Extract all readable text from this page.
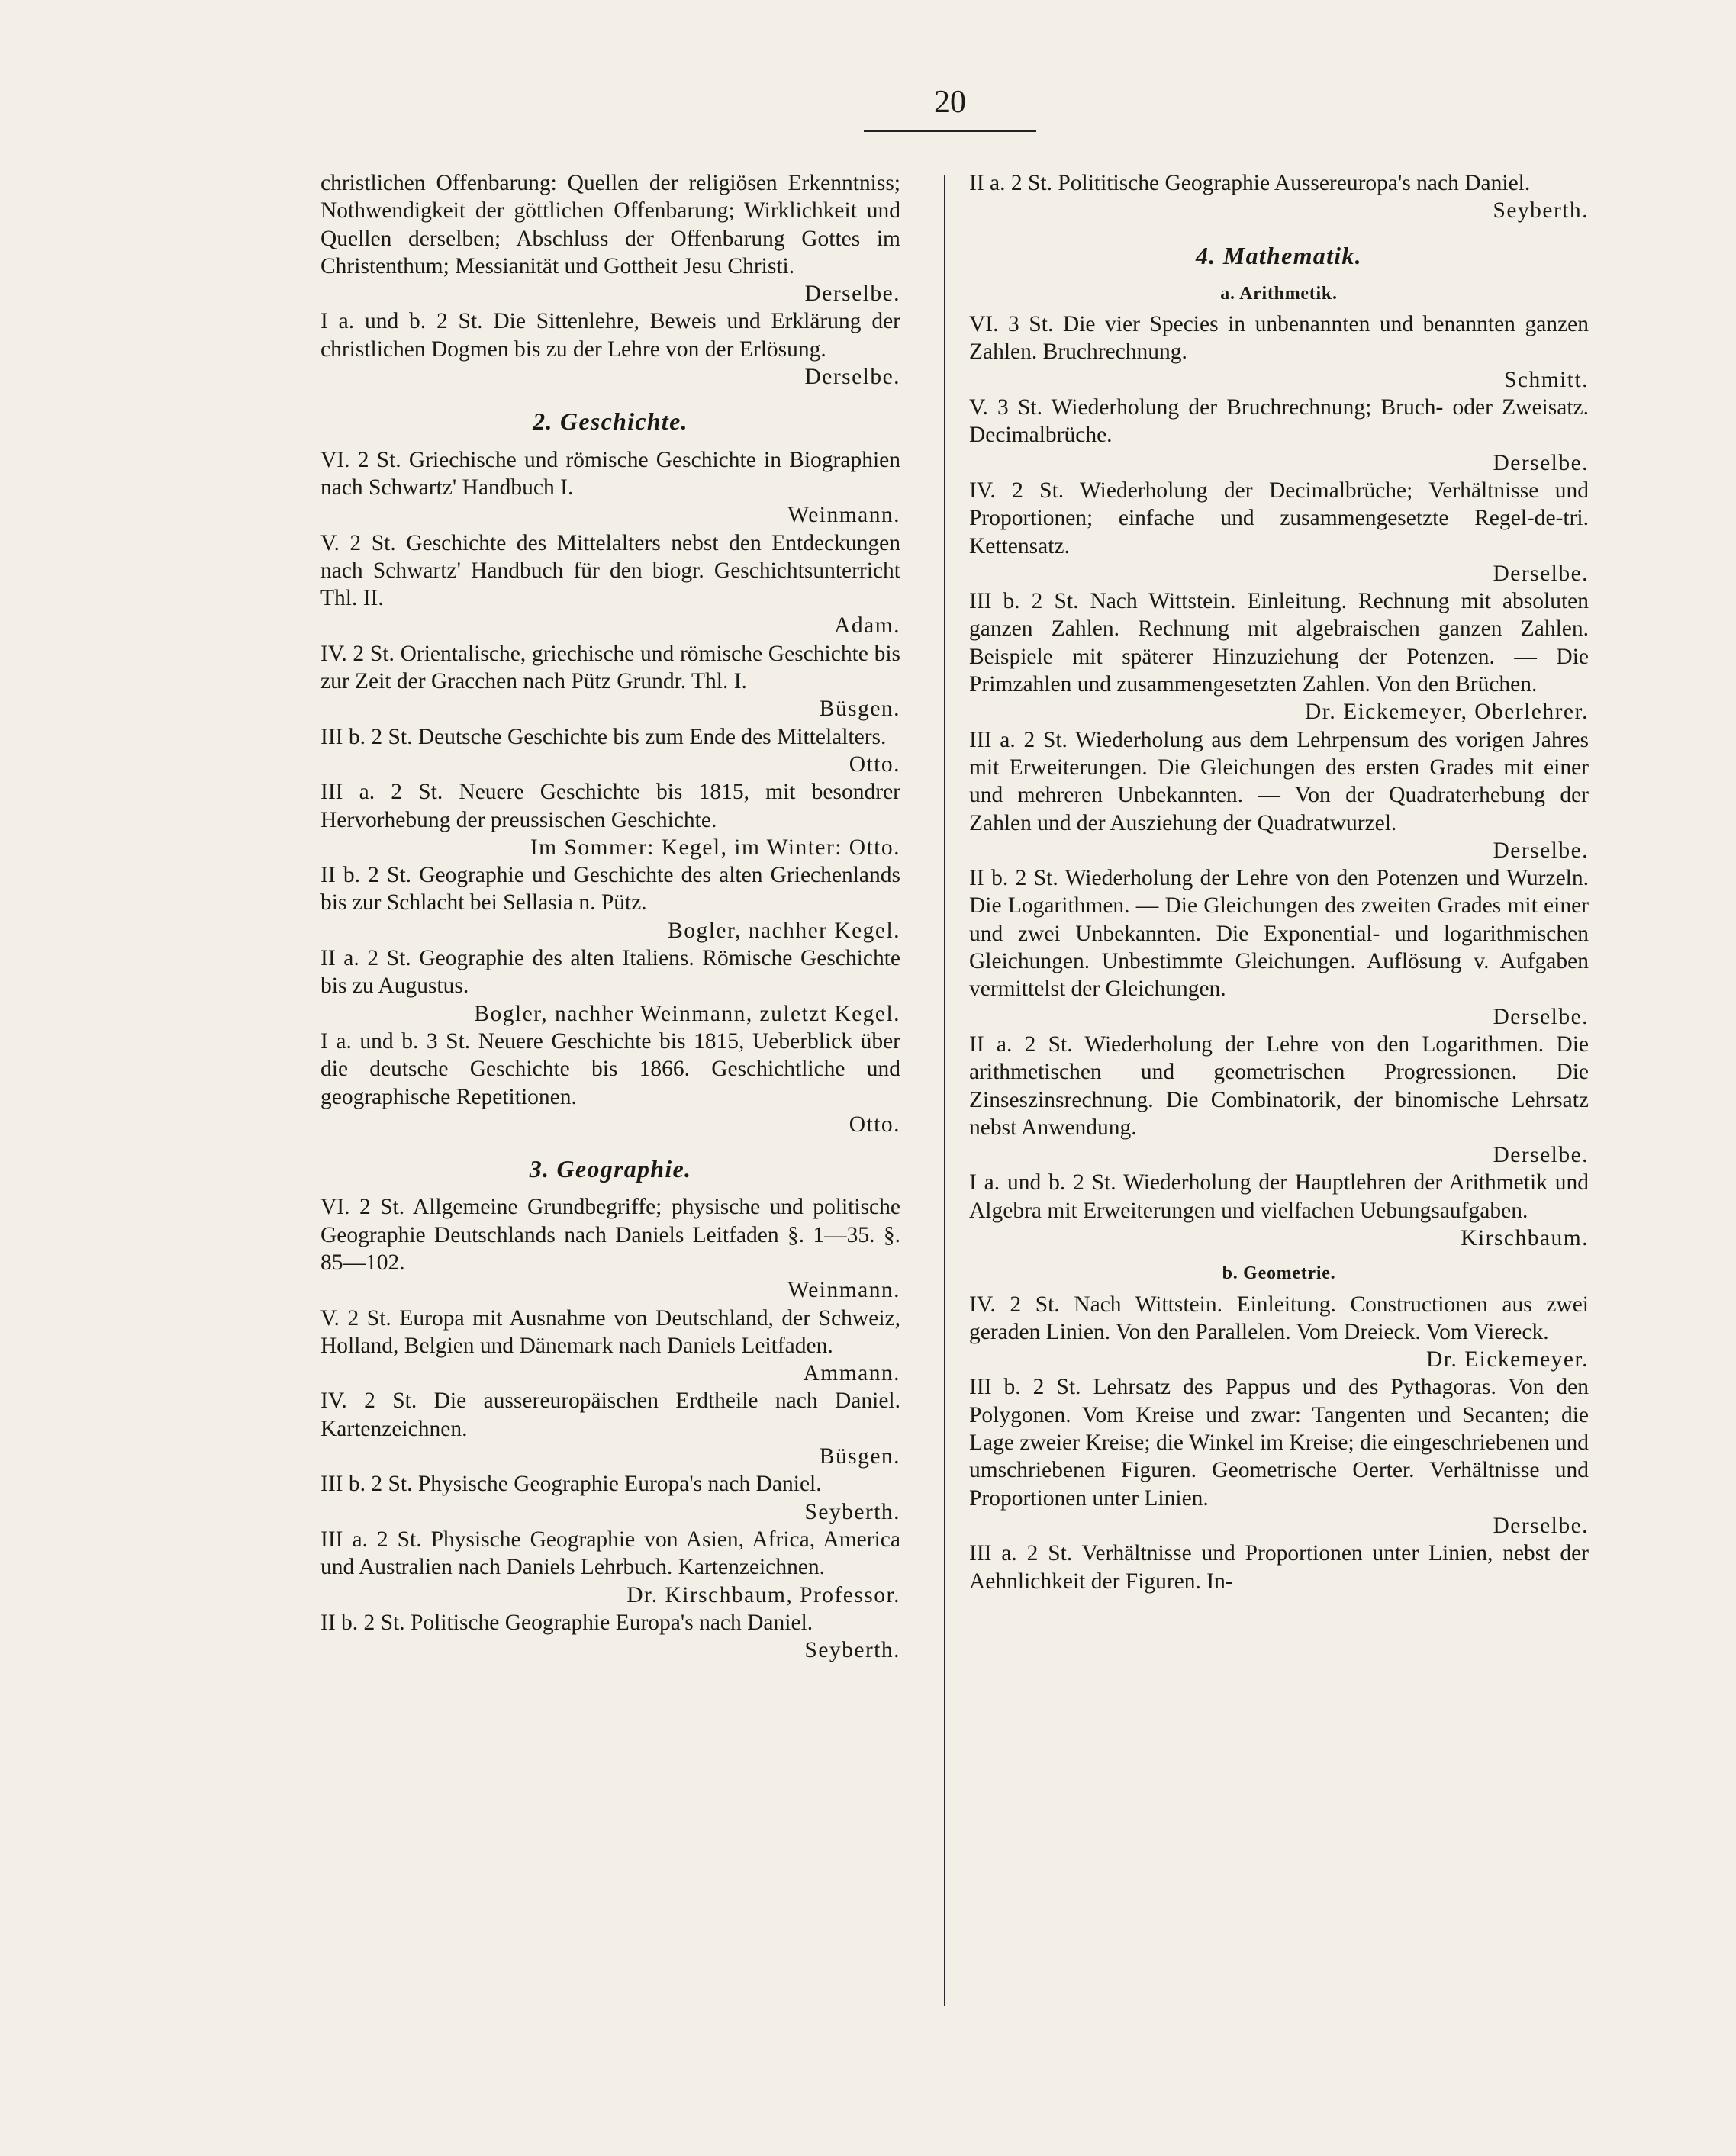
20

christlichen Offenbarung: Quellen der religiösen Erkenntniss; Nothwendigkeit der göttlichen Offenbarung; Wirklichkeit und Quellen derselben; Abschluss der Offenbarung Gottes im Christenthum; Messianität und Gottheit Jesu Christi.

Derselbe.

I a. und b. 2 St. Die Sittenlehre, Beweis und Erklärung der christlichen Dogmen bis zu der Lehre von der Erlösung.

Derselbe.

2. Geschichte.

VI. 2 St. Griechische und römische Geschichte in Biographien nach Schwartz' Handbuch I.

Weinmann.

V. 2 St. Geschichte des Mittelalters nebst den Entdeckungen nach Schwartz' Handbuch für den biogr. Geschichtsunterricht Thl. II.

Adam.

IV. 2 St. Orientalische, griechische und römische Geschichte bis zur Zeit der Gracchen nach Pütz Grundr. Thl. I.

Büsgen.

III b. 2 St. Deutsche Geschichte bis zum Ende des Mittelalters.

Otto.

III a. 2 St. Neuere Geschichte bis 1815, mit besondrer Hervorhebung der preussischen Geschichte.

Im Sommer: Kegel, im Winter: Otto.

II b. 2 St. Geographie und Geschichte des alten Griechenlands bis zur Schlacht bei Sellasia n. Pütz.

Bogler, nachher Kegel.

II a. 2 St. Geographie des alten Italiens. Römische Geschichte bis zu Augustus.

Bogler, nachher Weinmann, zuletzt Kegel.

I a. und b. 3 St. Neuere Geschichte bis 1815, Ueberblick über die deutsche Geschichte bis 1866. Geschichtliche und geographische Repetitionen.

Otto.

3. Geographie.

VI. 2 St. Allgemeine Grundbegriffe; physische und politische Geographie Deutschlands nach Daniels Leitfaden §. 1—35. §. 85—102.

Weinmann.

V. 2 St. Europa mit Ausnahme von Deutschland, der Schweiz, Holland, Belgien und Dänemark nach Daniels Leitfaden.

Ammann.

IV. 2 St. Die aussereuropäischen Erdtheile nach Daniel. Kartenzeichnen.

Büsgen.

III b. 2 St. Physische Geographie Europa's nach Daniel.

Seyberth.

III a. 2 St. Physische Geographie von Asien, Africa, America und Australien nach Daniels Lehrbuch. Kartenzeichnen.

Dr. Kirschbaum, Professor.

II b. 2 St. Politische Geographie Europa's nach Daniel.

Seyberth.

II a. 2 St. Polititische Geographie Aussereuropa's nach Daniel.

Seyberth.

4. Mathematik.
a. Arithmetik.

VI. 3 St. Die vier Species in unbenannten und benannten ganzen Zahlen. Bruchrechnung.

Schmitt.

V. 3 St. Wiederholung der Bruchrechnung; Bruch- oder Zweisatz. Decimalbrüche.

Derselbe.

IV. 2 St. Wiederholung der Decimalbrüche; Verhältnisse und Proportionen; einfache und zusammengesetzte Regel-de-tri. Kettensatz.

Derselbe.

III b. 2 St. Nach Wittstein. Einleitung. Rechnung mit absoluten ganzen Zahlen. Rechnung mit algebraischen ganzen Zahlen. Beispiele mit späterer Hinzuziehung der Potenzen. — Die Primzahlen und zusammengesetzten Zahlen. Von den Brüchen.

Dr. Eickemeyer, Oberlehrer.

III a. 2 St. Wiederholung aus dem Lehrpensum des vorigen Jahres mit Erweiterungen. Die Gleichungen des ersten Grades mit einer und mehreren Unbekannten. — Von der Quadraterhebung der Zahlen und der Ausziehung der Quadratwurzel.

Derselbe.

II b. 2 St. Wiederholung der Lehre von den Potenzen und Wurzeln. Die Logarithmen. — Die Gleichungen des zweiten Grades mit einer und zwei Unbekannten. Die Exponential- und logarithmischen Gleichungen. Unbestimmte Gleichungen. Auflösung v. Aufgaben vermittelst der Gleichungen.

Derselbe.

II a. 2 St. Wiederholung der Lehre von den Logarithmen. Die arithmetischen und geometrischen Progressionen. Die Zinseszinsrechnung. Die Combinatorik, der binomische Lehrsatz nebst Anwendung.

Derselbe.

I a. und b. 2 St. Wiederholung der Hauptlehren der Arithmetik und Algebra mit Erweiterungen und vielfachen Uebungsaufgaben.

Kirschbaum.

b. Geometrie.

IV. 2 St. Nach Wittstein. Einleitung. Constructionen aus zwei geraden Linien. Von den Parallelen. Vom Dreieck. Vom Viereck.

Dr. Eickemeyer.

III b. 2 St. Lehrsatz des Pappus und des Pythagoras. Von den Polygonen. Vom Kreise und zwar: Tangenten und Secanten; die Lage zweier Kreise; die Winkel im Kreise; die eingeschriebenen und umschriebenen Figuren. Geometrische Oerter. Verhältnisse und Proportionen unter Linien.

Derselbe.

III a. 2 St. Verhältnisse und Proportionen unter Linien, nebst der Aehnlichkeit der Figuren. In-
